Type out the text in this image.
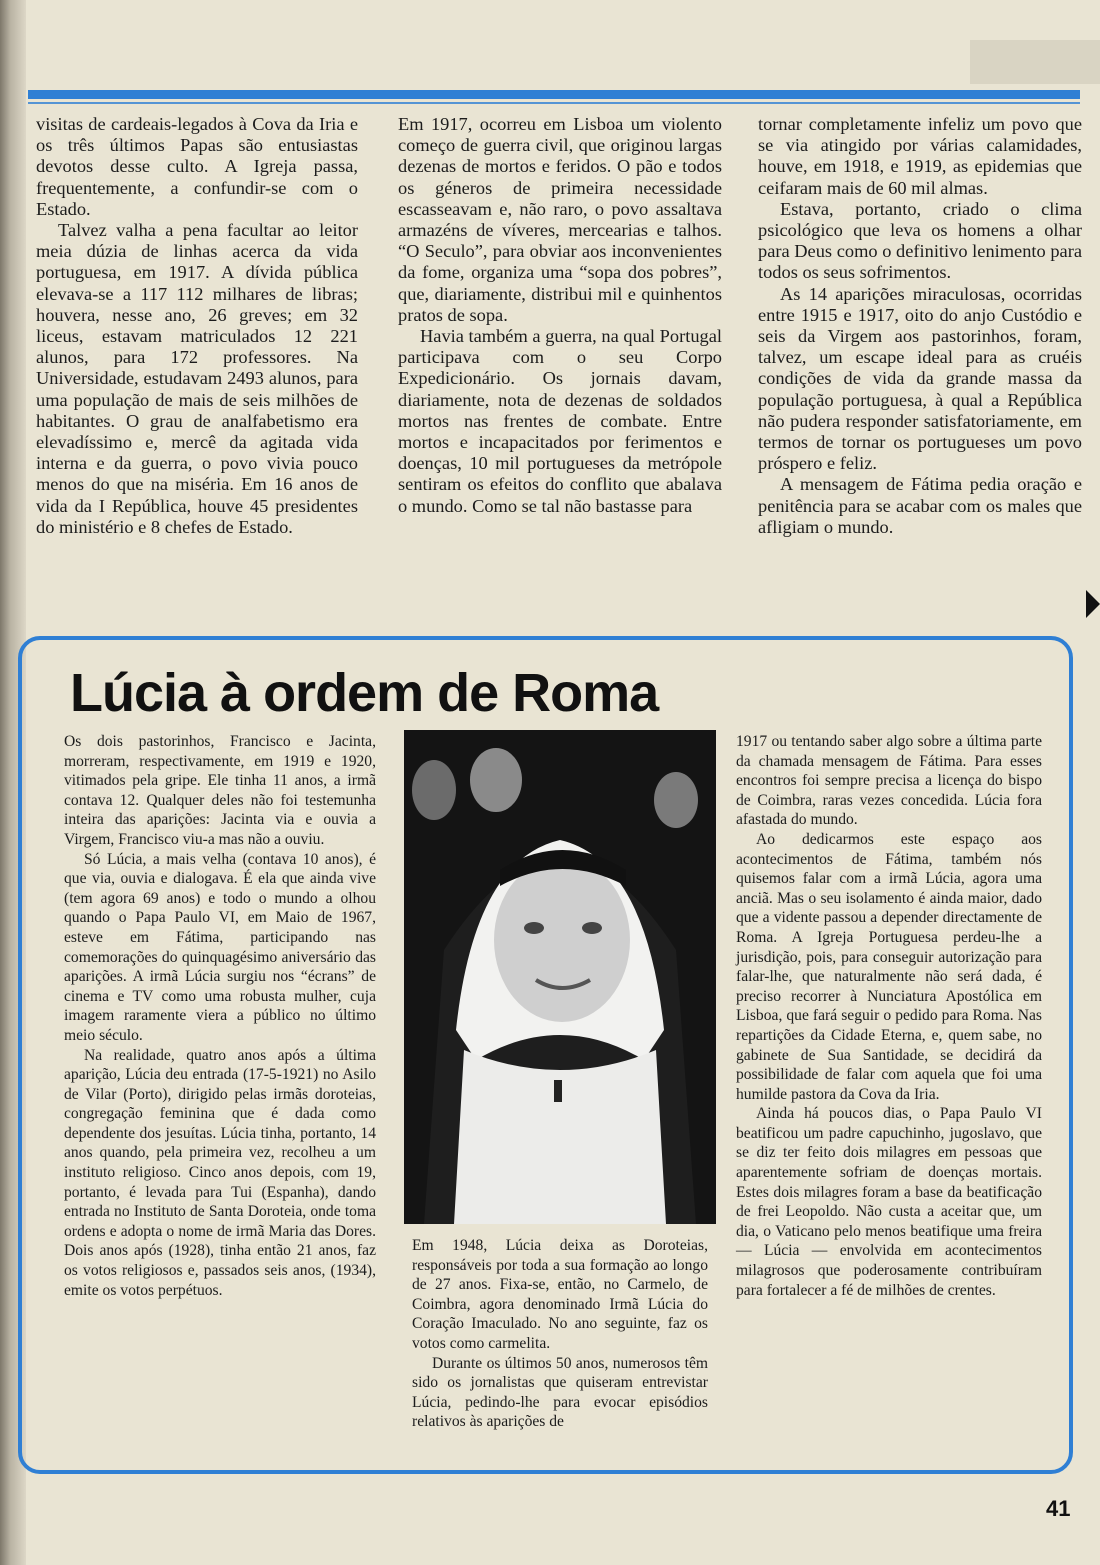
visitas de cardeais-legados à Cova da Iria e os três últimos Papas são entusiastas devotos desse culto. A Igreja passa, frequentemente, a confundir-se com o Estado.

Talvez valha a pena facultar ao leitor meia dúzia de linhas acerca da vida portuguesa, em 1917. A dívida pública elevava-se a 117 112 milhares de libras; houvera, nesse ano, 26 greves; em 32 liceus, estavam matriculados 12 221 alunos, para 172 professores. Na Universidade, estudavam 2493 alunos, para uma população de mais de seis milhões de habitantes. O grau de analfabetismo era elevadíssimo e, mercê da agitada vida interna e da guerra, o povo vivia pouco menos do que na miséria. Em 16 anos de vida da I República, houve 45 presidentes do ministério e 8 chefes de Estado.

Em 1917, ocorreu em Lisboa um violento começo de guerra civil, que originou largas dezenas de mortos e feridos. O pão e todos os géneros de primeira necessidade escasseavam e, não raro, o povo assaltava armazéns de víveres, mercearias e talhos. “O Seculo”, para obviar aos inconvenientes da fome, organiza uma “sopa dos pobres”, que, diariamente, distribui mil e quinhentos pratos de sopa.

Havia também a guerra, na qual Portugal participava com o seu Corpo Expedicionário. Os jornais davam, diariamente, nota de dezenas de soldados mortos nas frentes de combate. Entre mortos e incapacitados por ferimentos e doenças, 10 mil portugueses da metrópole sentiram os efeitos do conflito que abalava o mundo. Como se tal não bastasse para

tornar completamente infeliz um povo que se via atingido por várias calamidades, houve, em 1918, e 1919, as epidemias que ceifaram mais de 60 mil almas.

Estava, portanto, criado o clima psicológico que leva os homens a olhar para Deus como o definitivo lenimento para todos os seus sofrimentos.

As 14 aparições miraculosas, ocorridas entre 1915 e 1917, oito do anjo Custódio e seis da Virgem aos pastorinhos, foram, talvez, um escape ideal para as cruéis condições de vida da grande massa da população portuguesa, à qual a República não pudera responder satisfatoriamente, em termos de tornar os portugueses um povo próspero e feliz.

A mensagem de Fátima pedia oração e penitência para se acabar com os males que afligiam o mundo.

Lúcia à ordem de Roma

Os dois pastorinhos, Francisco e Jacinta, morreram, respectivamente, em 1919 e 1920, vitimados pela gripe. Ele tinha 11 anos, a irmã contava 12. Qualquer deles não foi testemunha inteira das aparições: Jacinta via e ouvia a Virgem, Francisco viu-a mas não a ouviu.

Só Lúcia, a mais velha (contava 10 anos), é que via, ouvia e dialogava. É ela que ainda vive (tem agora 69 anos) e todo o mundo a olhou quando o Papa Paulo VI, em Maio de 1967, esteve em Fátima, participando nas comemorações do quinquagésimo aniversário das aparições. A irmã Lúcia surgiu nos “écrans” de cinema e TV como uma robusta mulher, cuja imagem raramente viera a público no último meio século.

Na realidade, quatro anos após a última aparição, Lúcia deu entrada (17-5-1921) no Asilo de Vilar (Porto), dirigido pelas irmãs doroteias, congregação feminina que é dada como dependente dos jesuítas. Lúcia tinha, portanto, 14 anos quando, pela primeira vez, recolheu a um instituto religioso. Cinco anos depois, com 19, portanto, é levada para Tui (Espanha), dando entrada no Instituto de Santa Doroteia, onde toma ordens e adopta o nome de irmã Maria das Dores. Dois anos após (1928), tinha então 21 anos, faz os votos religiosos e, passados seis anos, (1934), emite os votos perpétuos.

Em 1948, Lúcia deixa as Doroteias, responsáveis por toda a sua formação ao longo de 27 anos. Fixa-se, então, no Carmelo, de Coimbra, agora denominado Irmã Lúcia do Coração Imaculado. No ano seguinte, faz os votos como carmelita.

Durante os últimos 50 anos, numerosos têm sido os jornalistas que quiseram entrevistar Lúcia, pedindo-lhe para evocar episódios relativos às aparições de

1917 ou tentando saber algo sobre a última parte da chamada mensagem de Fátima. Para esses encontros foi sempre precisa a licença do bispo de Coimbra, raras vezes concedida. Lúcia fora afastada do mundo.

Ao dedicarmos este espaço aos acontecimentos de Fátima, também nós quisemos falar com a irmã Lúcia, agora uma anciã. Mas o seu isolamento é ainda maior, dado que a vidente passou a depender directamente de Roma. A Igreja Portuguesa perdeu-lhe a jurisdição, pois, para conseguir autorização para falar-lhe, que naturalmente não será dada, é preciso recorrer à Nunciatura Apostólica em Lisboa, que fará seguir o pedido para Roma. Nas repartições da Cidade Eterna, e, quem sabe, no gabinete de Sua Santidade, se decidirá da possibilidade de falar com aquela que foi uma humilde pastora da Cova da Iria.

Ainda há poucos dias, o Papa Paulo VI beatificou um padre capuchinho, jugoslavo, que se diz ter feito dois milagres em pessoas que aparentemente sofriam de doenças mortais. Estes dois milagres foram a base da beatificação de frei Leopoldo. Não custa a aceitar que, um dia, o Vaticano pelo menos beatifique uma freira — Lúcia — envolvida em acontecimentos milagrosos que poderosamente contribuíram para fortalecer a fé de milhões de crentes.

41
